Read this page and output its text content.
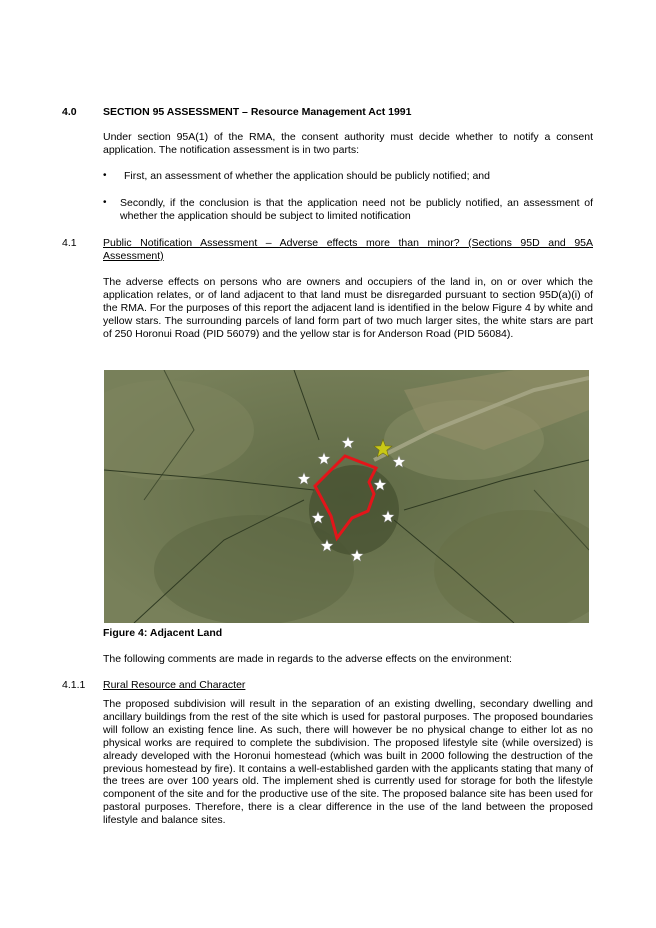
4.0	SECTION 95 ASSESSMENT – Resource Management Act 1991
Under section 95A(1) of the RMA, the consent authority must decide whether to notify a consent application. The notification assessment is in two parts:
• First, an assessment of whether the application should be publicly notified; and
• Secondly, if the conclusion is that the application need not be publicly notified, an assessment of whether the application should be subject to limited notification
4.1	Public Notification Assessment – Adverse effects more than minor? (Sections 95D and 95A
Assessment)
The adverse effects on persons who are owners and occupiers of the land in, on or over which the application relates, or of land adjacent to that land must be disregarded pursuant to section 95D(a)(i) of the RMA. For the purposes of this report the adjacent land is identified in the below Figure 4 by white and yellow stars. The surrounding parcels of land form part of two much larger sites, the white stars are part of 250 Horonui Road (PID 56079) and the yellow star is for Anderson Road (PID 56084).
Figure 4: Adjacent Land
The following comments are made in regards to the adverse effects on the environment:
4.1.1 Rural Resource and Character
The proposed subdivision will result in the separation of an existing dwelling, secondary dwelling and ancillary buildings from the rest of the site which is used for pastoral purposes. The proposed boundaries will follow an existing fence line. As such, there will however be no physical change to either lot as no physical works are required to complete the subdivision. The proposed lifestyle site (while oversized) is already developed with the Horonui homestead (which was built in 2000 following the destruction of the previous homestead by fire). It contains a well-established garden with the applicants stating that many of the trees are over 100 years old. The implement shed is currently used for storage for both the lifestyle component of the site and for the productive use of the site. The proposed balance site has been used for pastoral purposes. Therefore, there is a clear difference in the use of the land between the proposed lifestyle and balance sites.
